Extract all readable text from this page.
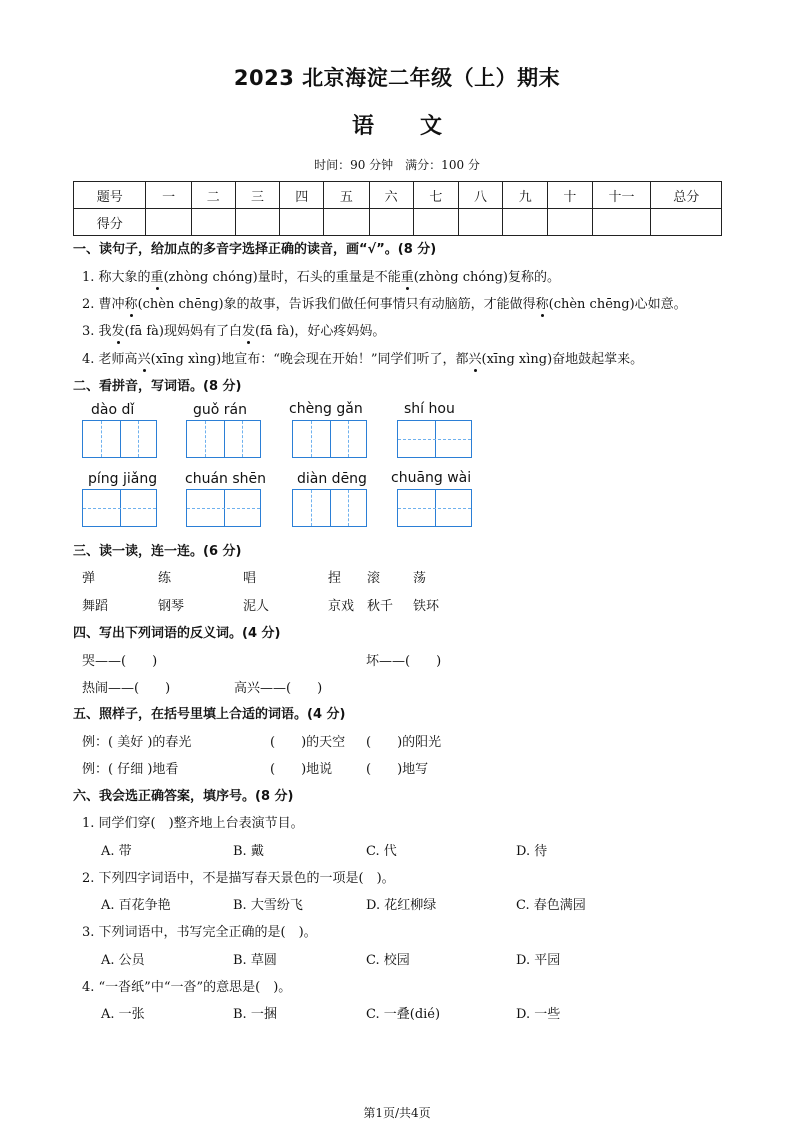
2023 北京海淀二年级（上）期末
语 文
时间：90 分钟　满分：100 分
题号	一	二	三	四	五	六	七	八	九	十	十一	总分
得分												
一、读句子，给加点的多音字选择正确的读音，画“√”。(8 分)
1. 称大象的重(zhòng chóng)量时，石头的重量是不能重(zhòng chóng)复称的。
2. 曹冲称(chèn chēng)象的故事，告诉我们做任何事情只有动脑筋，才能做得称(chèn chēng)心如意。
3. 我发(fā fà)现妈妈有了白发(fā fà)，好心疼妈妈。
4. 老师高兴(xīng xìng)地宣布：“晚会现在开始！”同学们听了，都兴(xīng xìng)奋地鼓起掌来。
二、看拼音，写词语。(8 分)
dào dǐ	guǒ rán	chèng gǎn	shí hou
píng jiǎng chuán shēn diàn dēng chuāng wài
三、读一读，连一连。(6 分)
弹	练	唱	捏 滚	荡
舞蹈	钢琴	泥人	京戏 秋千 铁环
四、写出下列词语的反义词。(4 分)
哭——(　　)	坏——(　　)
热闹——(　　)	高兴——(　　)
五、照样子，在括号里填上合适的词语。(4 分)
例：( 美好 )的春光	(　　)的天空 (　　)的阳光
例：( 仔细 )地看	(　　)地说	(　　)地写
六、我会选正确答案，填序号。(8 分)
1. 同学们穿(　)整齐地上台表演节目。
A. 带	B. 戴	C. 代	D. 待
2. 下列四字词语中，不是描写春天景色的一项是(　)。
A. 百花争艳	B. 大雪纷飞	D. 花红柳绿	C. 春色满园
3. 下列词语中，书写完全正确的是(　)。
A. 公员	B. 草圆	C. 校园	D. 平园
4. “一沓纸”中“一沓”的意思是(　)。
A. 一张	B. 一捆	C. 一叠(dié)	D. 一些
第1页/共4页
